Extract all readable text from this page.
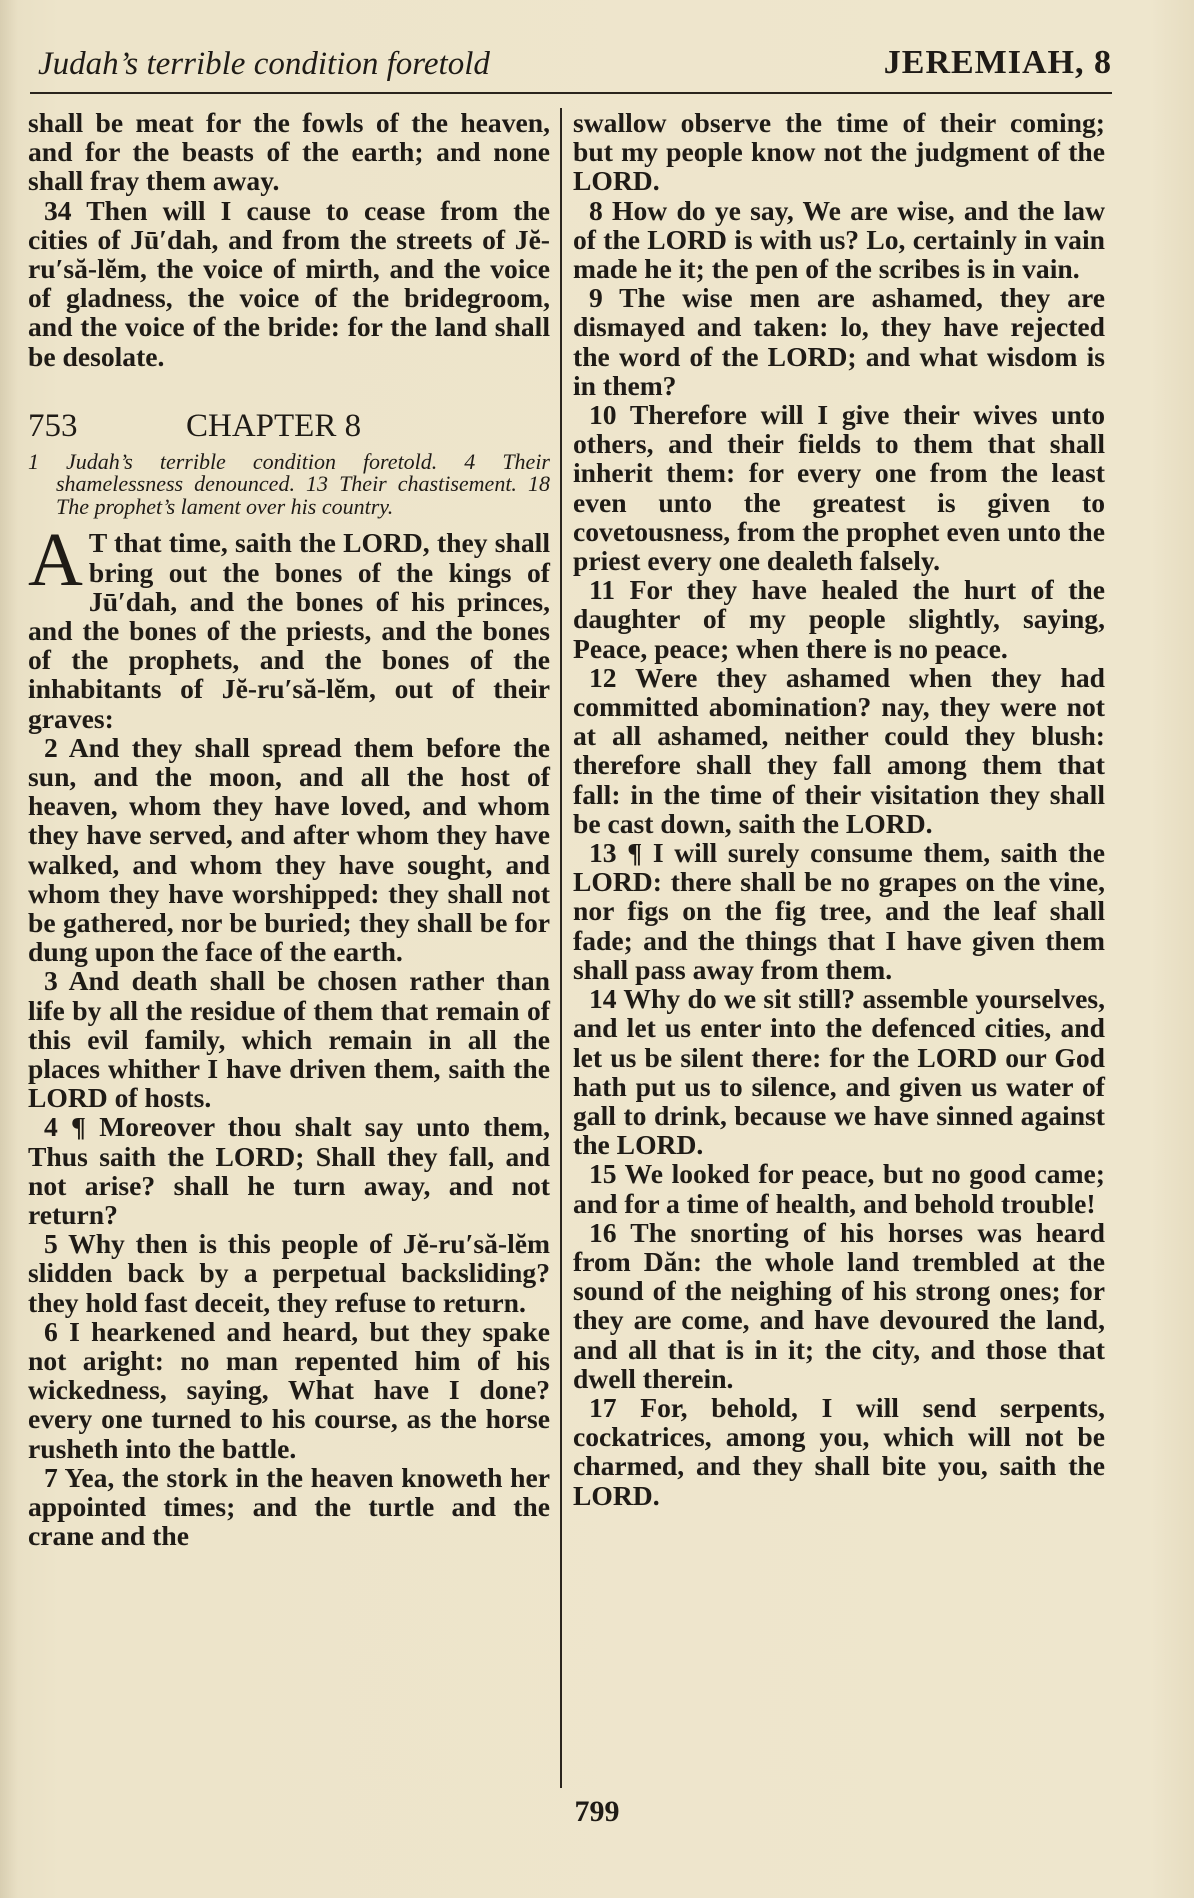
Judah’s terrible condition foretold	JEREMIAH, 8

shall be meat for the fowls of the heaven, and for the beasts of the earth; and none shall fray them away.

34 Then will I cause to cease from the cities of Jū′dah, and from the streets of Jĕ-ru′să-lĕm, the voice of mirth, and the voice of gladness, the voice of the bridegroom, and the voice of the bride: for the land shall be desolate.

753	CHAPTER 8

1 Judah’s terrible condition foretold. 4 Their shamelessness denounced. 13 Their chastisement. 18 The prophet’s lament over his country.

A T that time, saith the LORD, they shall bring out the bones of the kings of Jū′dah, and the bones of his princes, and the bones of the priests, and the bones of the prophets, and the bones of the inhabitants of Jĕ-ru′să-lĕm, out of their graves:

2 And they shall spread them before the sun, and the moon, and all the host of heaven, whom they have loved, and whom they have served, and after whom they have walked, and whom they have sought, and whom they have worshipped: they shall not be gathered, nor be buried; they shall be for dung upon the face of the earth.

3 And death shall be chosen rather than life by all the residue of them that remain of this evil family, which remain in all the places whither I have driven them, saith the LORD of hosts.

4 ¶ Moreover thou shalt say unto them, Thus saith the LORD; Shall they fall, and not arise? shall he turn away, and not return?

5 Why then is this people of Jĕ-ru′să-lĕm slidden back by a perpetual backsliding? they hold fast deceit, they refuse to return.

6 I hearkened and heard, but they spake not aright: no man repented him of his wickedness, saying, What have I done? every one turned to his course, as the horse rusheth into the battle.

7 Yea, the stork in the heaven knoweth her appointed times; and the turtle and the crane and the

swallow observe the time of their coming; but my people know not the judgment of the LORD.

8 How do ye say, We are wise, and the law of the LORD is with us? Lo, certainly in vain made he it; the pen of the scribes is in vain.

9 The wise men are ashamed, they are dismayed and taken: lo, they have rejected the word of the LORD; and what wisdom is in them?

10 Therefore will I give their wives unto others, and their fields to them that shall inherit them: for every one from the least even unto the greatest is given to covetousness, from the prophet even unto the priest every one dealeth falsely.

11 For they have healed the hurt of the daughter of my people slightly, saying, Peace, peace; when there is no peace.

12 Were they ashamed when they had committed abomination? nay, they were not at all ashamed, neither could they blush: therefore shall they fall among them that fall: in the time of their visitation they shall be cast down, saith the LORD.

13 ¶ I will surely consume them, saith the LORD: there shall be no grapes on the vine, nor figs on the fig tree, and the leaf shall fade; and the things that I have given them shall pass away from them.

14 Why do we sit still? assemble yourselves, and let us enter into the defenced cities, and let us be silent there: for the LORD our God hath put us to silence, and given us water of gall to drink, because we have sinned against the LORD.

15 We looked for peace, but no good came; and for a time of health, and behold trouble!

16 The snorting of his horses was heard from Dăn: the whole land trembled at the sound of the neighing of his strong ones; for they are come, and have devoured the land, and all that is in it; the city, and those that dwell therein.

17 For, behold, I will send serpents, cockatrices, among you, which will not be charmed, and they shall bite you, saith the LORD.

799
